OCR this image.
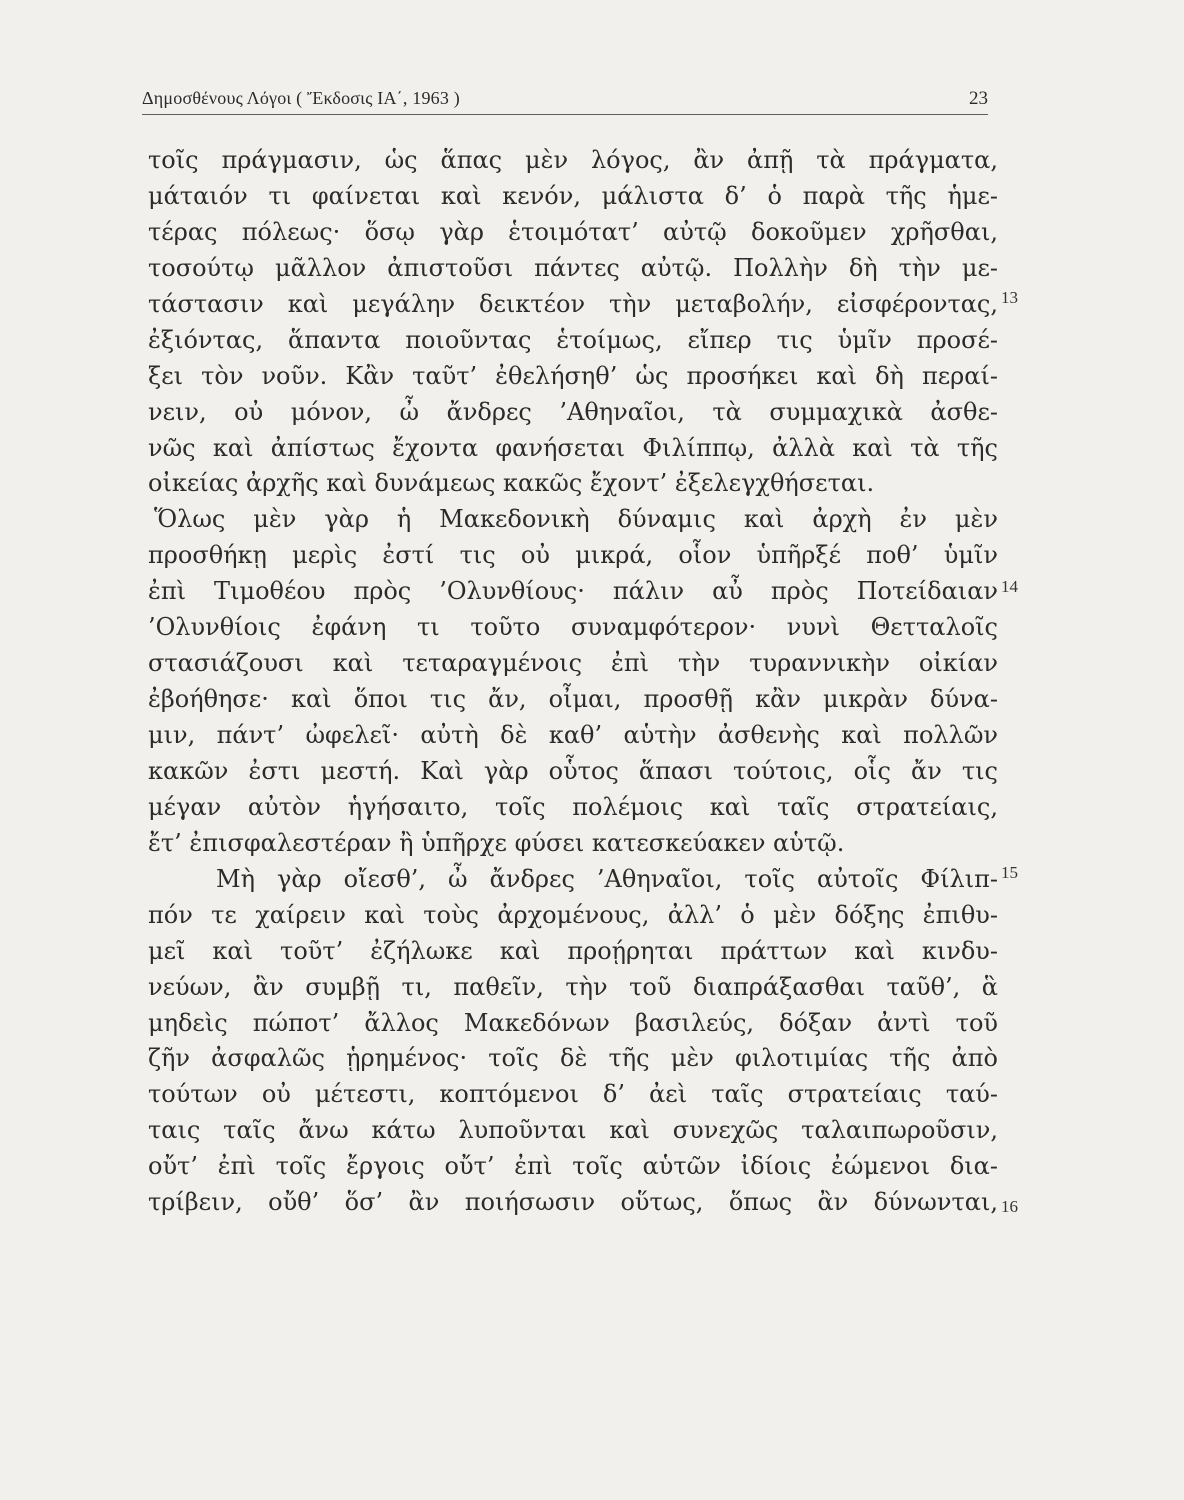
Δημοσθένους Λόγοι ( Ἔκδοσις ΙΑ΄, 1963 )	23
τοῖς πράγμασιν, ὡς ἅπας μὲν λόγος, ἂν ἀπῇ τὰ πράγματα,
μάταιόν τι φαίνεται καὶ κενόν, μάλιστα δ’ ὁ παρὰ τῆς ἡμε-
τέρας πόλεως· ὅσῳ γὰρ ἑτοιμότατ’ αὐτῷ δοκοῦμεν χρῆσθαι,
τοσούτῳ μᾶλλον ἀπιστοῦσι πάντες αὐτῷ. Πολλὴν δὴ τὴν με-
τάστασιν καὶ μεγάλην δεικτέον τὴν μεταβολήν, εἰσφέροντας,
ἐξιόντας, ἅπαντα ποιοῦντας ἑτοίμως, εἴπερ τις ὑμῖν προσέ-
ξει τὸν νοῦν. Κἂν ταῦτ’ ἐθελήσηθ’ ὡς προσήκει καὶ δὴ περαί-
νειν, οὐ μόνον, ὦ ἄνδρες ’Αθηναῖοι, τὰ συμμαχικὰ ἀσθε-
νῶς καὶ ἀπίστως ἔχοντα φανήσεται Φιλίππῳ, ἀλλὰ καὶ τὰ τῆς
οἰκείας ἀρχῆς καὶ δυνάμεως κακῶς ἔχοντ’ ἐξελεγχθήσεται.
Ὅλως μὲν γὰρ ἡ Μακεδονικὴ δύναμις καὶ ἀρχὴ ἐν μὲν
προσθήκῃ μερὶς ἐστί τις οὐ μικρά, οἷον ὑπῆρξέ ποθ’ ὑμῖν
ἐπὶ Τιμοθέου πρὸς ’Ολυνθίους· πάλιν αὖ πρὸς Ποτείδαιαν
’Ολυνθίοις ἐφάνη τι τοῦτο συναμφότερον· νυνὶ Θετταλοῖς
στασιάζουσι καὶ τεταραγμένοις ἐπὶ τὴν τυραννικὴν οἰκίαν
ἐβοήθησε· καὶ ὅποι τις ἄν, οἶμαι, προσθῇ κἂν μικρὰν δύνα-
μιν, πάντ’ ὠφελεῖ· αὐτὴ δὲ καθ’ αὑτὴν ἀσθενὴς καὶ πολλῶν
κακῶν ἐστι μεστή. Καὶ γὰρ οὗτος ἅπασι τούτοις, οἷς ἄν τις
μέγαν αὐτὸν ἡγήσαιτο, τοῖς πολέμοις καὶ ταῖς στρατείαις,
ἔτ’ ἐπισφαλεστέραν ἢ ὑπῆρχε φύσει κατεσκεύακεν αὑτῷ.
Μὴ γὰρ οἴεσθ’, ὦ ἄνδρες ’Αθηναῖοι, τοῖς αὐτοῖς Φίλιπ-
πόν τε χαίρειν καὶ τοὺς ἀρχομένους, ἀλλ’ ὁ μὲν δόξης ἐπιθυ-
μεῖ καὶ τοῦτ’ ἐζήλωκε καὶ προῄρηται πράττων καὶ κινδυ-
νεύων, ἂν συμβῇ τι, παθεῖν, τὴν τοῦ διαπράξασθαι ταῦθ’, ἃ
μηδεὶς πώποτ’ ἄλλος Μακεδόνων βασιλεύς, δόξαν ἀντὶ τοῦ
ζῆν ἀσφαλῶς ᾑρημένος· τοῖς δὲ τῆς μὲν φιλοτιμίας τῆς ἀπὸ
τούτων οὐ μέτεστι, κοπτόμενοι δ’ ἀεὶ ταῖς στρατείαις ταύ-
ταις ταῖς ἄνω κάτω λυποῦνται καὶ συνεχῶς ταλαιπωροῦσιν,
οὔτ’ ἐπὶ τοῖς ἔργοις οὔτ’ ἐπὶ τοῖς αὑτῶν ἰδίοις ἐώμενοι δια-
τρίβειν, οὔθ’ ὅσ’ ἂν ποιήσωσιν οὕτως, ὅπως ἂν δύνωνται,
13
14
15
16
